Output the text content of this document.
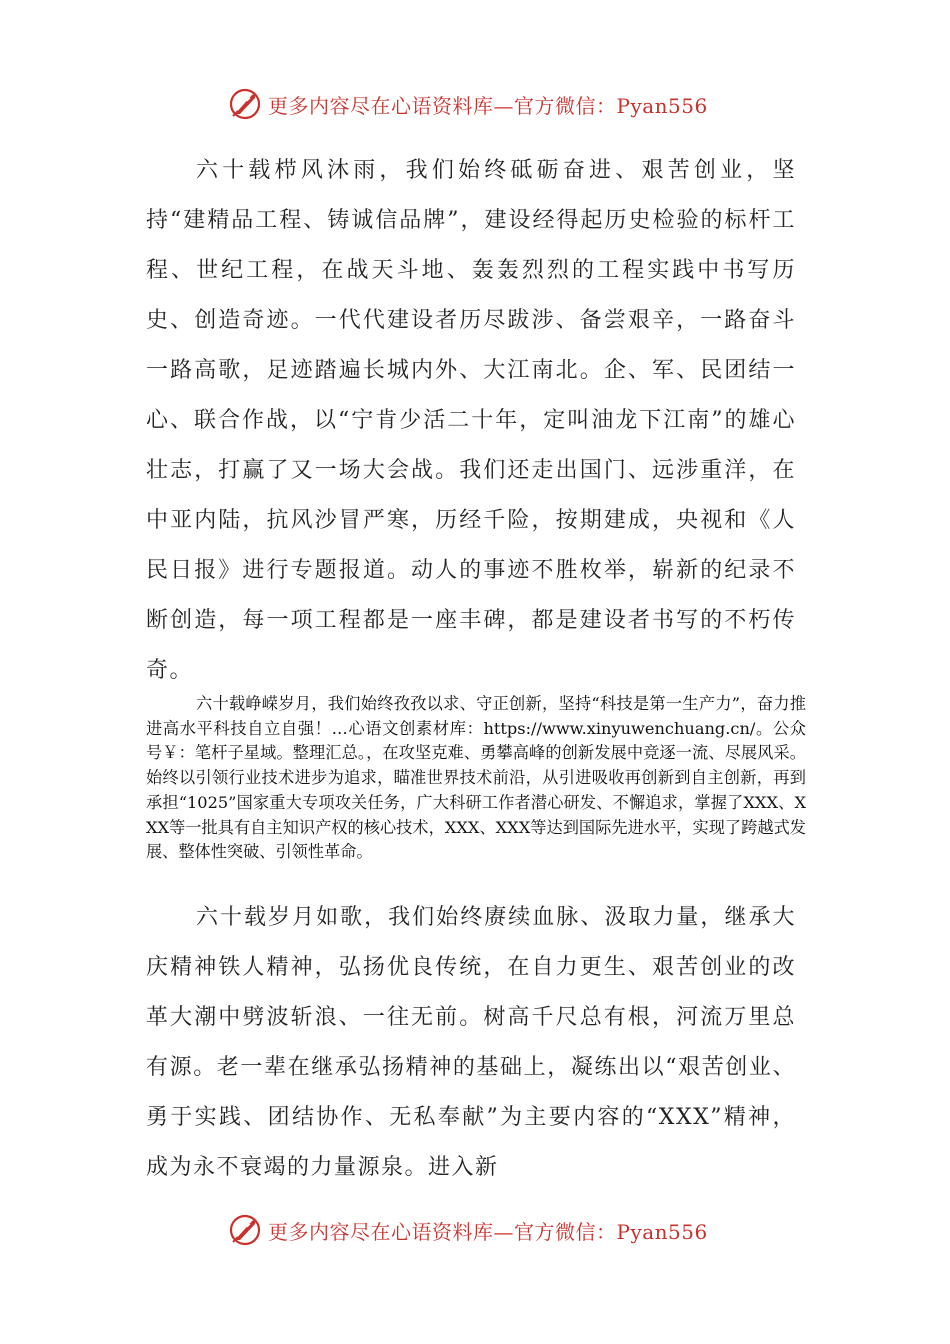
更多内容尽在心语资料库—官方微信：Pyan556

六十载栉风沐雨，我们始终砥砺奋进、艰苦创业，坚持“建精品工程、铸诚信品牌”，建设经得起历史检验的标杆工程、世纪工程，在战天斗地、轰轰烈烈的工程实践中书写历史、创造奇迹。一代代建设者历尽跋涉、备尝艰辛，一路奋斗一路高歌，足迹踏遍长城内外、大江南北。企、军、民团结一心、联合作战，以“宁肯少活二十年，定叫油龙下江南”的雄心壮志，打赢了又一场大会战。我们还走出国门、远涉重洋，在中亚内陆，抗风沙冒严寒，历经千险，按期建成，央视和《人民日报》进行专题报道。动人的事迹不胜枚举，崭新的纪录不断创造，每一项工程都是一座丰碑，都是建设者书写的不朽传奇。

六十载峥嵘岁月，我们始终孜孜以求、守正创新，坚持“科技是第一生产力”，奋力推进高水平科技自立自强！…心语文创素材库：https://www.xinyuwenchuang.cn/。公众号￥：笔杆子星域。整理汇总。，在攻坚克难、勇攀高峰的创新发展中竞逐一流、尽展风采。始终以引领行业技术进步为追求，瞄准世界技术前沿，从引进吸收再创新到自主创新，再到承担“1025”国家重大专项攻关任务，广大科研工作者潜心研发、不懈追求，掌握了XXX、XXX等一批具有自主知识产权的核心技术，XXX、XXX等达到国际先进水平，实现了跨越式发展、整体性突破、引领性革命。

六十载岁月如歌，我们始终赓续血脉、汲取力量，继承大庆精神铁人精神，弘扬优良传统，在自力更生、艰苦创业的改革大潮中劈波斩浪、一往无前。树高千尺总有根，河流万里总有源。老一辈在继承弘扬精神的基础上，凝练出以“艰苦创业、勇于实践、团结协作、无私奉献”为主要内容的“XXX”精神，成为永不衰竭的力量源泉。进入新

更多内容尽在心语资料库—官方微信：Pyan556
